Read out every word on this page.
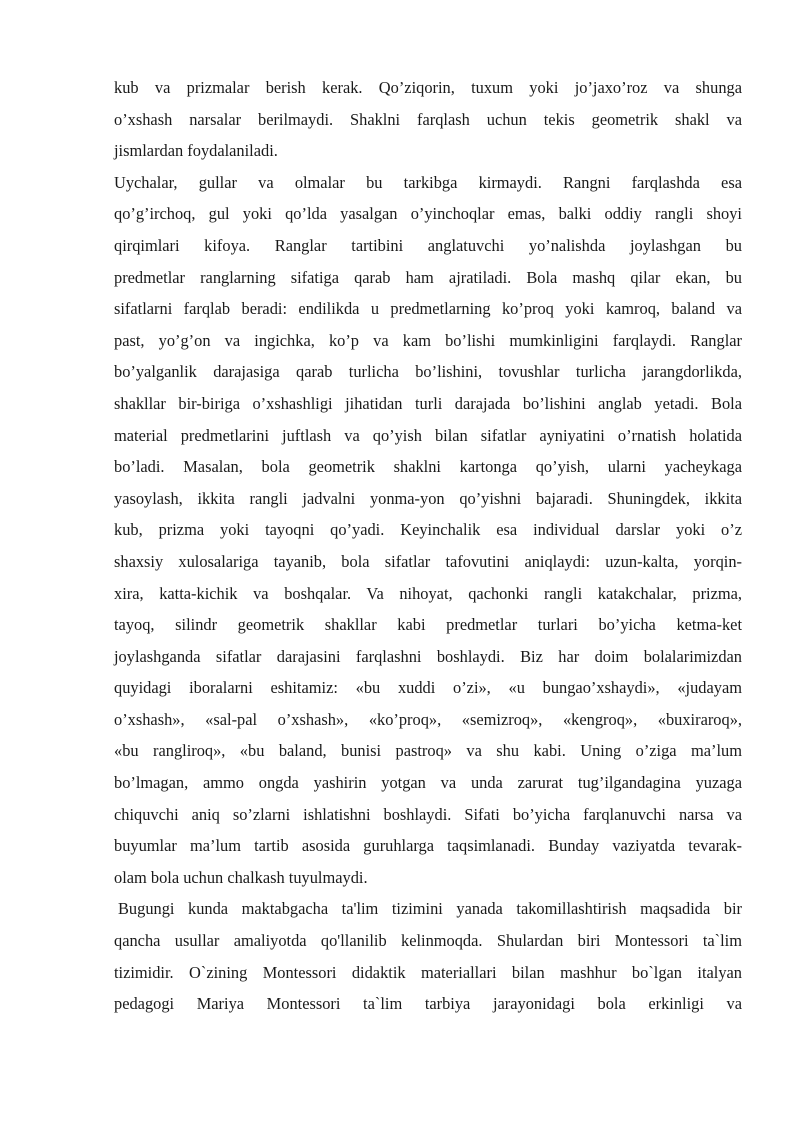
kub va prizmalar berish kerak. Qo’ziqorin, tuxum yoki jo’jaxo’roz va shunga
o’xshash narsalar berilmaydi. Shaklni farqlash uchun tekis geometrik shakl va
jismlardan foydalaniladi.
Uychalar, gullar va olmalar bu tarkibga kirmaydi. Rangni farqlashda esa
qo’g’irchoq, gul yoki qo’lda yasalgan o’yinchoqlar emas, balki oddiy rangli shoyi
qirqimlari kifoya. Ranglar tartibini anglatuvchi yo’nalishda joylashgan bu
predmetlar ranglarning sifatiga qarab ham ajratiladi. Bola mashq qilar ekan, bu
sifatlarni farqlab beradi: endilikda u predmetlarning ko’proq yoki kamroq, baland va
past, yo’g’on va ingichka, ko’p va kam bo’lishi mumkinligini farqlaydi. Ranglar
bo’yalganlik darajasiga qarab turlicha bo’lishini, tovushlar turlicha jarangdorlikda,
shakllar bir-biriga o’xshashligi jihatidan turli darajada bo’lishini anglab yetadi. Bola
material predmetlarini juftlash va qo’yish bilan sifatlar ayniyatini o’rnatish holatida
bo’ladi. Masalan, bola geometrik shaklni kartonga qo’yish, ularni yacheykaga
yasoylash, ikkita rangli jadvalni yonma-yon qo’yishni bajaradi. Shuningdek, ikkita
kub, prizma yoki tayoqni qo’yadi. Keyinchalik esa individual darslar yoki o’z
shaxsiy xulosalariga tayanib, bola sifatlar tafovutini aniqlaydi: uzun-kalta, yorqin-
xira, katta-kichik va boshqalar. Va nihoyat, qachonki rangli katakchalar, prizma,
tayoq, silindr geometrik shakllar kabi predmetlar turlari bo’yicha ketma-ket
joylashganda sifatlar darajasini farqlashni boshlaydi. Biz har doim bolalarimizdan
quyidagi iboralarni eshitamiz: «bu xuddi o’zi», «u bungao’xshaydi», «judayam
o’xshash», «sal-pal o’xshash», «ko’proq», «semizroq», «kengroq», «buxiraroq»,
«bu rangliroq», «bu baland, bunisi pastroq» va shu kabi. Uning o’ziga ma’lum
bo’lmagan, ammo ongda yashirin yotgan va unda zarurat tug’ilgandagina yuzaga
chiquvchi aniq so’zlarni ishlatishni boshlaydi. Sifati bo’yicha farqlanuvchi narsa va
buyumlar ma’lum tartib asosida guruhlarga taqsimlanadi. Bunday vaziyatda tevarak-
olam bola uchun chalkash tuyulmaydi.
Bugungi kunda maktabgacha ta'lim tizimini yanada takomillashtirish maqsadida bir
qancha usullar amaliyotda qo'llanilib kelinmoqda. Shulardan biri Montessori ta`lim
tizimidir. O`zining Montessori didaktik materiallari bilan mashhur bo`lgan italyan
pedagogi Mariya Montessori ta`lim tarbiya jarayonidagi bola erkinligi va
